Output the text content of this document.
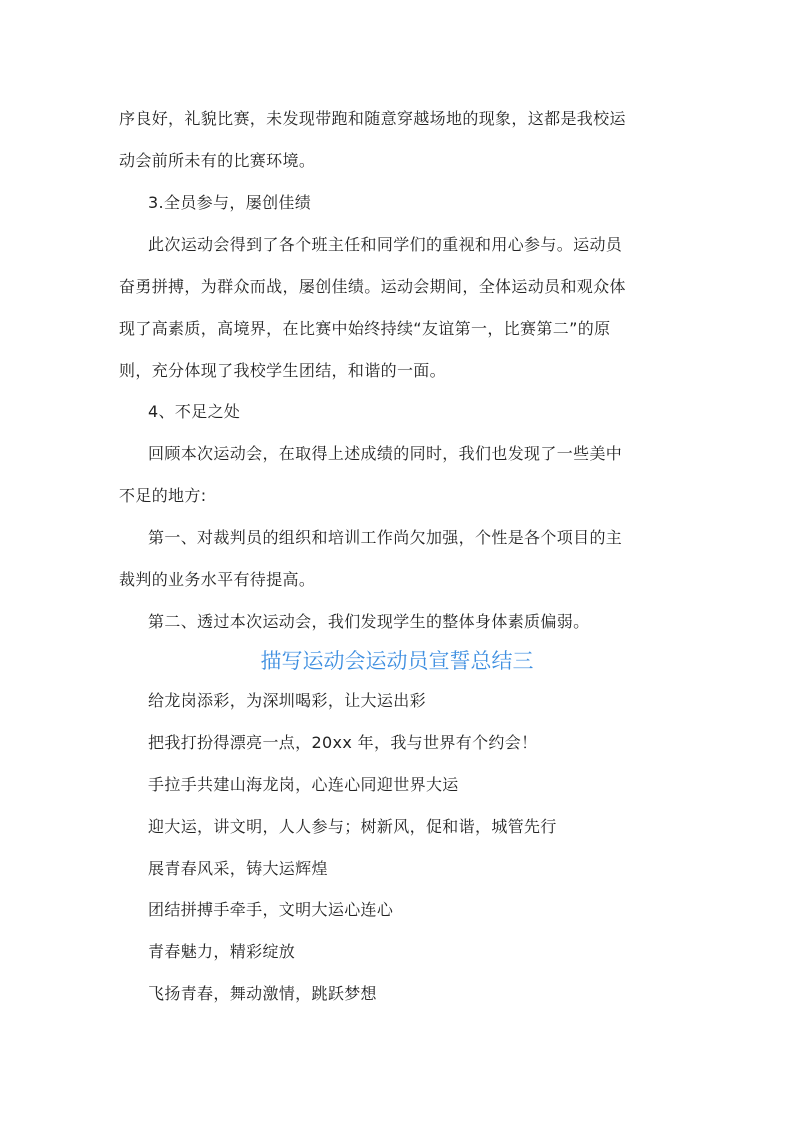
序良好，礼貌比赛，未发现带跑和随意穿越场地的现象，这都是我校运
动会前所未有的比赛环境。
3.全员参与，屡创佳绩
此次运动会得到了各个班主任和同学们的重视和用心参与。运动员
奋勇拼搏，为群众而战，屡创佳绩。运动会期间，全体运动员和观众体
现了高素质，高境界，在比赛中始终持续“友谊第一，比赛第二”的原
则，充分体现了我校学生团结，和谐的一面。
4、不足之处
回顾本次运动会，在取得上述成绩的同时，我们也发现了一些美中
不足的地方:
第一、对裁判员的组织和培训工作尚欠加强，个性是各个项目的主
裁判的业务水平有待提高。
第二、透过本次运动会，我们发现学生的整体身体素质偏弱。
描写运动会运动员宣誓总结三
给龙岗添彩，为深圳喝彩，让大运出彩
把我打扮得漂亮一点，20xx 年，我与世界有个约会！
手拉手共建山海龙岗，心连心同迎世界大运
迎大运，讲文明，人人参与；树新风，促和谐，城管先行
展青春风采，铸大运辉煌
团结拼搏手牵手，文明大运心连心
青春魅力，精彩绽放
飞扬青春，舞动激情，跳跃梦想
